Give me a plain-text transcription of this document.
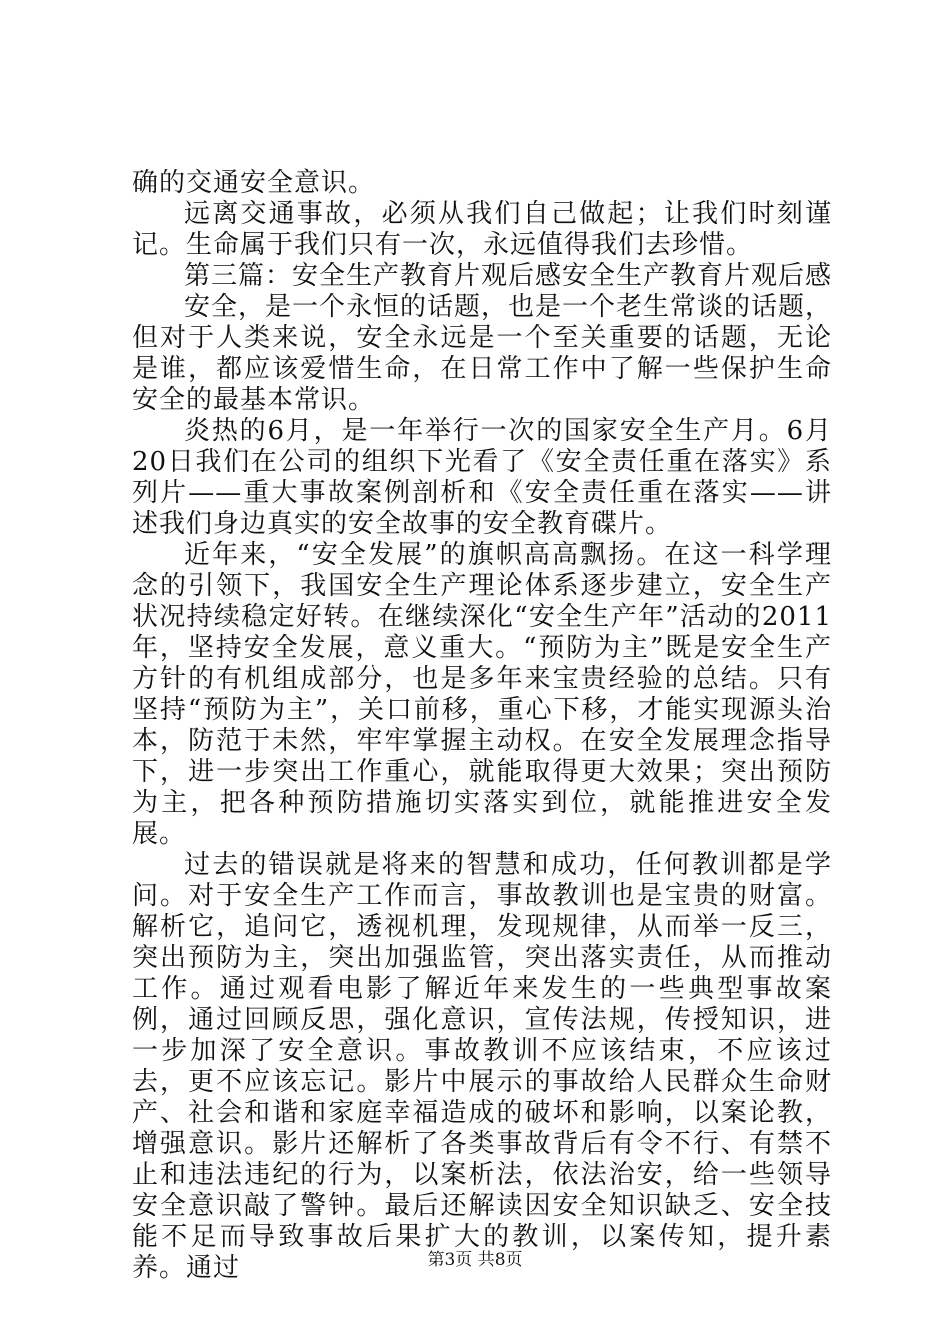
确的交通安全意识。

远离交通事故，必须从我们自己做起；让我们时刻谨记。生命属于我们只有一次，永远值得我们去珍惜。

第三篇：安全生产教育片观后感安全生产教育片观后感

安全，是一个永恒的话题，也是一个老生常谈的话题，但对于人类来说，安全永远是一个至关重要的话题，无论是谁，都应该爱惜生命，在日常工作中了解一些保护生命安全的最基本常识。

炎热的6月，是一年举行一次的国家安全生产月。6月20日我们在公司的组织下光看了《安全责任重在落实》系列片——重大事故案例剖析和《安全责任重在落实——讲述我们身边真实的安全故事的安全教育碟片。

近年来，“安全发展”的旗帜高高飘扬。在这一科学理念的引领下，我国安全生产理论体系逐步建立，安全生产状况持续稳定好转。在继续深化“安全生产年”活动的2011年，坚持安全发展，意义重大。“预防为主”既是安全生产方针的有机组成部分，也是多年来宝贵经验的总结。只有坚持“预防为主”，关口前移，重心下移，才能实现源头治本，防范于未然，牢牢掌握主动权。在安全发展理念指导下，进一步突出工作重心，就能取得更大效果；突出预防为主，把各种预防措施切实落实到位，就能推进安全发展。

过去的错误就是将来的智慧和成功，任何教训都是学问。对于安全生产工作而言，事故教训也是宝贵的财富。解析它，追问它，透视机理，发现规律，从而举一反三，突出预防为主，突出加强监管，突出落实责任，从而推动工作。通过观看电影了解近年来发生的一些典型事故案例，通过回顾反思，强化意识，宣传法规，传授知识，进一步加深了安全意识。事故教训不应该结束，不应该过去，更不应该忘记。影片中展示的事故给人民群众生命财产、社会和谐和家庭幸福造成的破坏和影响，以案论教，增强意识。影片还解析了各类事故背后有令不行、有禁不止和违法违纪的行为，以案析法，依法治安，给一些领导安全意识敲了警钟。最后还解读因安全知识缺乏、安全技能不足而导致事故后果扩大的教训，以案传知，提升素养。通过	第3页 共8页
